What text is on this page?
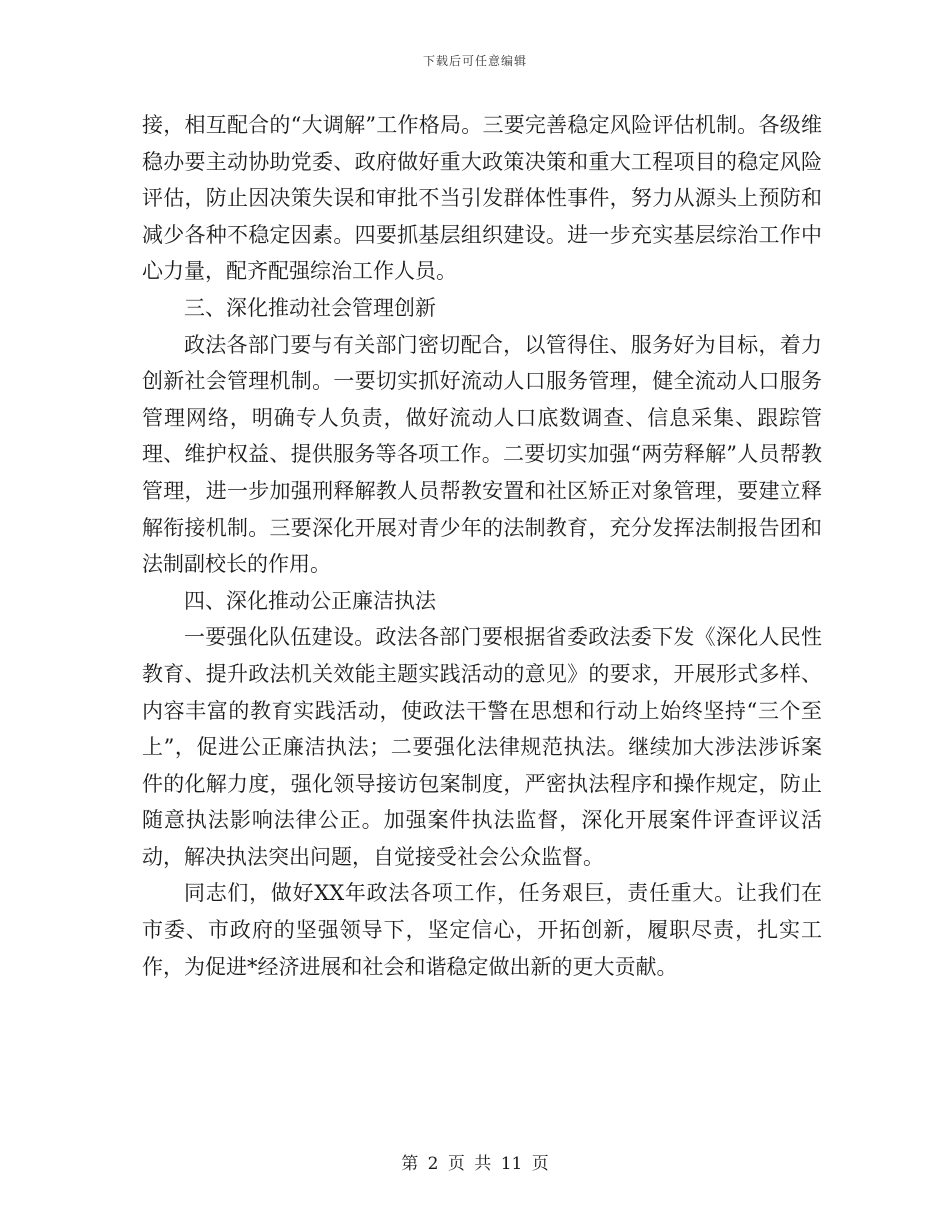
下载后可任意编辑

接，相互配合的“大调解”工作格局。三要完善稳定风险评估机制。各级维稳办要主动协助党委、政府做好重大政策决策和重大工程项目的稳定风险评估，防止因决策失误和审批不当引发群体性事件，努力从源头上预防和减少各种不稳定因素。四要抓基层组织建设。进一步充实基层综治工作中心力量，配齐配强综治工作人员。

三、深化推动社会管理创新

政法各部门要与有关部门密切配合，以管得住、服务好为目标，着力创新社会管理机制。一要切实抓好流动人口服务管理，健全流动人口服务管理网络，明确专人负责，做好流动人口底数调查、信息采集、跟踪管理、维护权益、提供服务等各项工作。二要切实加强“两劳释解”人员帮教管理，进一步加强刑释解教人员帮教安置和社区矫正对象管理，要建立释解衔接机制。三要深化开展对青少年的法制教育，充分发挥法制报告团和法制副校长的作用。

四、深化推动公正廉洁执法

一要强化队伍建设。政法各部门要根据省委政法委下发《深化人民性教育、提升政法机关效能主题实践活动的意见》的要求，开展形式多样、内容丰富的教育实践活动，使政法干警在思想和行动上始终坚持“三个至上”，促进公正廉洁执法；二要强化法律规范执法。继续加大涉法涉诉案件的化解力度，强化领导接访包案制度，严密执法程序和操作规定，防止随意执法影响法律公正。加强案件执法监督，深化开展案件评查评议活动，解决执法突出问题，自觉接受社会公众监督。

同志们，做好XX年政法各项工作，任务艰巨，责任重大。让我们在市委、市政府的坚强领导下，坚定信心，开拓创新，履职尽责，扎实工作，为促进*经济进展和社会和谐稳定做出新的更大贡献。

第 2 页 共 11 页
